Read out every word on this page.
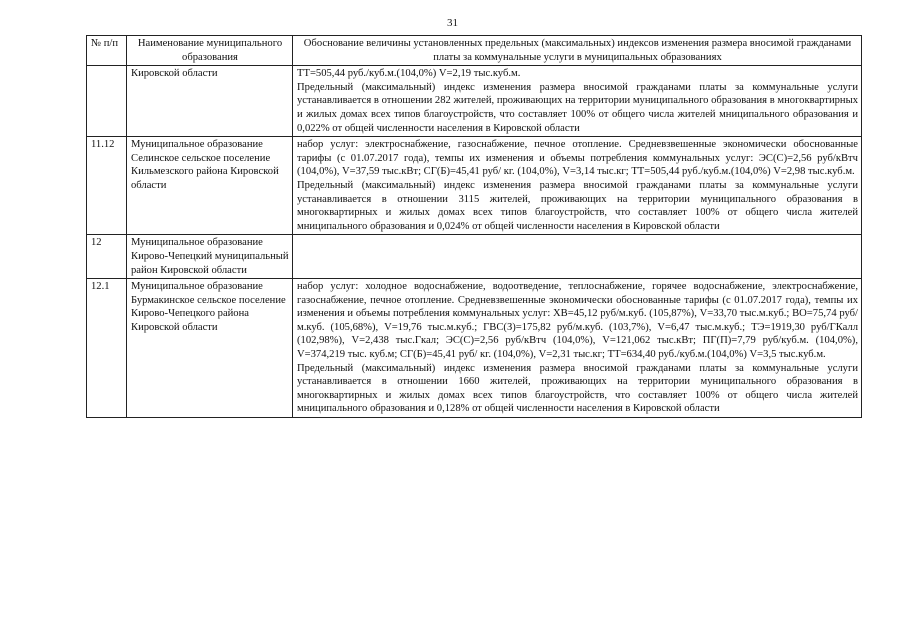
31
№ п/п	Наименование муниципального образования	Обоснование величины установленных предельных (максимальных) индексов изменения размера вносимой гражданами платы за коммунальные услуги в муниципальных образованиях
	Кировской области	ТТ=505,44 руб./куб.м.(104,0%) V=2,19 тыс.куб.м.

Предельный (максимальный) индекс изменения размера вносимой гражданами платы за коммунальные услуги устанавливается в отношении 282 жителей, проживающих на территории муниципального образования в многоквартирных и жилых домах всех типов благоустройств, что составляет 100% от общего числа жителей мниципального образования и 0,022% от общей численности населения в Кировской области

11.12	Муниципальное образование Селинское сельское поселение Кильмезского района Кировской области	набор услуг: электроснабжение, газоснабжение, печное отопление. Средневзвешенные экономически обоснованные тарифы (с 01.07.2017 года), темпы их изменения и объемы потребления коммунальных услуг: ЭС(С)=2,56 руб/кВтч (104,0%), V=37,59 тыс.кВт; СГ(Б)=45,41 руб/ кг. (104,0%), V=3,14 тыс.кг; ТТ=505,44 руб./куб.м.(104,0%) V=2,98 тыс.куб.м.

Предельный (максимальный) индекс изменения размера вносимой гражданами платы за коммунальные услуги устанавливается в отношении 3115 жителей, проживающих на территории муниципального образования в многоквартирных и жилых домах всех типов благоустройств, что составляет 100% от общего числа жителей мниципального образования и 0,024% от общей численности населения в Кировской области

12	Муниципальное образование Кирово-Чепецкий муниципальный район Кировской области	
12.1	Муниципальное образование Бурмакинское сельское поселение Кирово-Чепецкого района Кировской области	набор услуг: холодное водоснабжение, водоотведение, теплоснабжение, горячее водоснабжение, электроснабжение, газоснабжение, печное отопление. Средневзвешенные экономически обоснованные тарифы (с 01.07.2017 года), темпы их изменения и объемы потребления коммунальных услуг: ХВ=45,12 руб/м.куб. (105,87%), V=33,70 тыс.м.куб.; ВО=75,74 руб/м.куб. (105,68%), V=19,76 тыс.м.куб.; ГВС(З)=175,82 руб/м.куб. (103,7%), V=6,47 тыс.м.куб.; ТЭ=1919,30 руб/ГКалл (102,98%), V=2,438 тыс.Гкал; ЭС(С)=2,56 руб/кВтч (104,0%), V=121,062 тыс.кВт; ПГ(П)=7,79 руб/куб.м. (104,0%), V=374,219 тыс. куб.м; СГ(Б)=45,41 руб/ кг. (104,0%), V=2,31 тыс.кг; ТТ=634,40 руб./куб.м.(104,0%) V=3,5 тыс.куб.м.

Предельный (максимальный) индекс изменения размера вносимой гражданами платы за коммунальные услуги устанавливается в отношении 1660 жителей, проживающих на территории муниципального образования в многоквартирных и жилых домах всех типов благоустройств, что составляет 100% от общего числа жителей мниципального образования и 0,128% от общей численности населения в Кировской области
